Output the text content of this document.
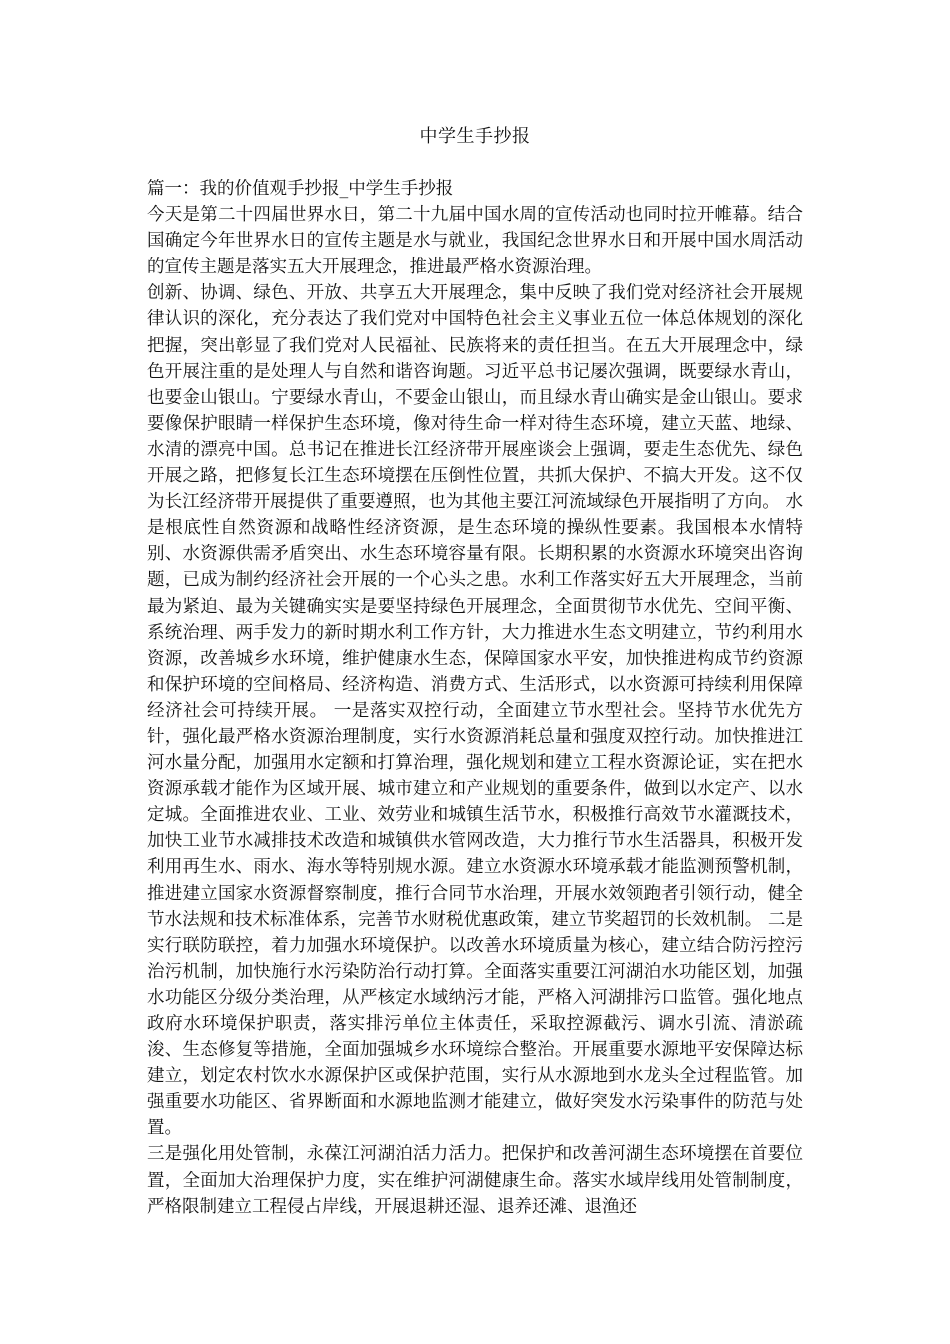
中学生手抄报

篇一：我的价值观手抄报_中学生手抄报

今天是第二十四届世界水日，第二十九届中国水周的宣传活动也同时拉开帷幕。结合国确定今年世界水日的宣传主题是水与就业，我国纪念世界水日和开展中国水周活动的宣传主题是落实五大开展理念，推进最严格水资源治理。

创新、协调、绿色、开放、共享五大开展理念，集中反映了我们党对经济社会开展规律认识的深化，充分表达了我们党对中国特色社会主义事业五位一体总体规划的深化把握，突出彰显了我们党对人民福祉、民族将来的责任担当。在五大开展理念中，绿色开展注重的是处理人与自然和谐咨询题。习近平总书记屡次强调，既要绿水青山，也要金山银山。宁要绿水青山，不要金山银山，而且绿水青山确实是金山银山。要求要像保护眼睛一样保护生态环境，像对待生命一样对待生态环境，建立天蓝、地绿、水清的漂亮中国。总书记在推进长江经济带开展座谈会上强调，要走生态优先、绿色开展之路，把修复长江生态环境摆在压倒性位置，共抓大保护、不搞大开发。这不仅为长江经济带开展提供了重要遵照，也为其他主要江河流域绿色开展指明了方向。 水是根底性自然资源和战略性经济资源，是生态环境的操纵性要素。我国根本水情特别、水资源供需矛盾突出、水生态环境容量有限。长期积累的水资源水环境突出咨询题，已成为制约经济社会开展的一个心头之患。水利工作落实好五大开展理念，当前最为紧迫、最为关键确实实是要坚持绿色开展理念，全面贯彻节水优先、空间平衡、系统治理、两手发力的新时期水利工作方针，大力推进水生态文明建立，节约利用水资源，改善城乡水环境，维护健康水生态，保障国家水平安，加快推进构成节约资源和保护环境的空间格局、经济构造、消费方式、生活形式，以水资源可持续利用保障经济社会可持续开展。 一是落实双控行动，全面建立节水型社会。坚持节水优先方针，强化最严格水资源治理制度，实行水资源消耗总量和强度双控行动。加快推进江河水量分配，加强用水定额和打算治理，强化规划和建立工程水资源论证，实在把水资源承载才能作为区域开展、城市建立和产业规划的重要条件，做到以水定产、以水定城。全面推进农业、工业、效劳业和城镇生活节水，积极推行高效节水灌溉技术，加快工业节水减排技术改造和城镇供水管网改造，大力推行节水生活器具，积极开发利用再生水、雨水、海水等特别规水源。建立水资源水环境承载才能监测预警机制，推进建立国家水资源督察制度，推行合同节水治理，开展水效领跑者引领行动，健全节水法规和技术标准体系，完善节水财税优惠政策，建立节奖超罚的长效机制。 二是实行联防联控，着力加强水环境保护。以改善水环境质量为核心，建立结合防污控污治污机制，加快施行水污染防治行动打算。全面落实重要江河湖泊水功能区划，加强水功能区分级分类治理，从严核定水域纳污才能，严格入河湖排污口监管。强化地点政府水环境保护职责，落实排污单位主体责任，采取控源截污、调水引流、清淤疏浚、生态修复等措施，全面加强城乡水环境综合整治。开展重要水源地平安保障达标建立，划定农村饮水水源保护区或保护范围，实行从水源地到水龙头全过程监管。加强重要水功能区、省界断面和水源地监测才能建立，做好突发水污染事件的防范与处置。

三是强化用处管制，永葆江河湖泊活力活力。把保护和改善河湖生态环境摆在首要位置，全面加大治理保护力度，实在维护河湖健康生命。落实水域岸线用处管制制度，严格限制建立工程侵占岸线，开展退耕还湿、退养还滩、退渔还
